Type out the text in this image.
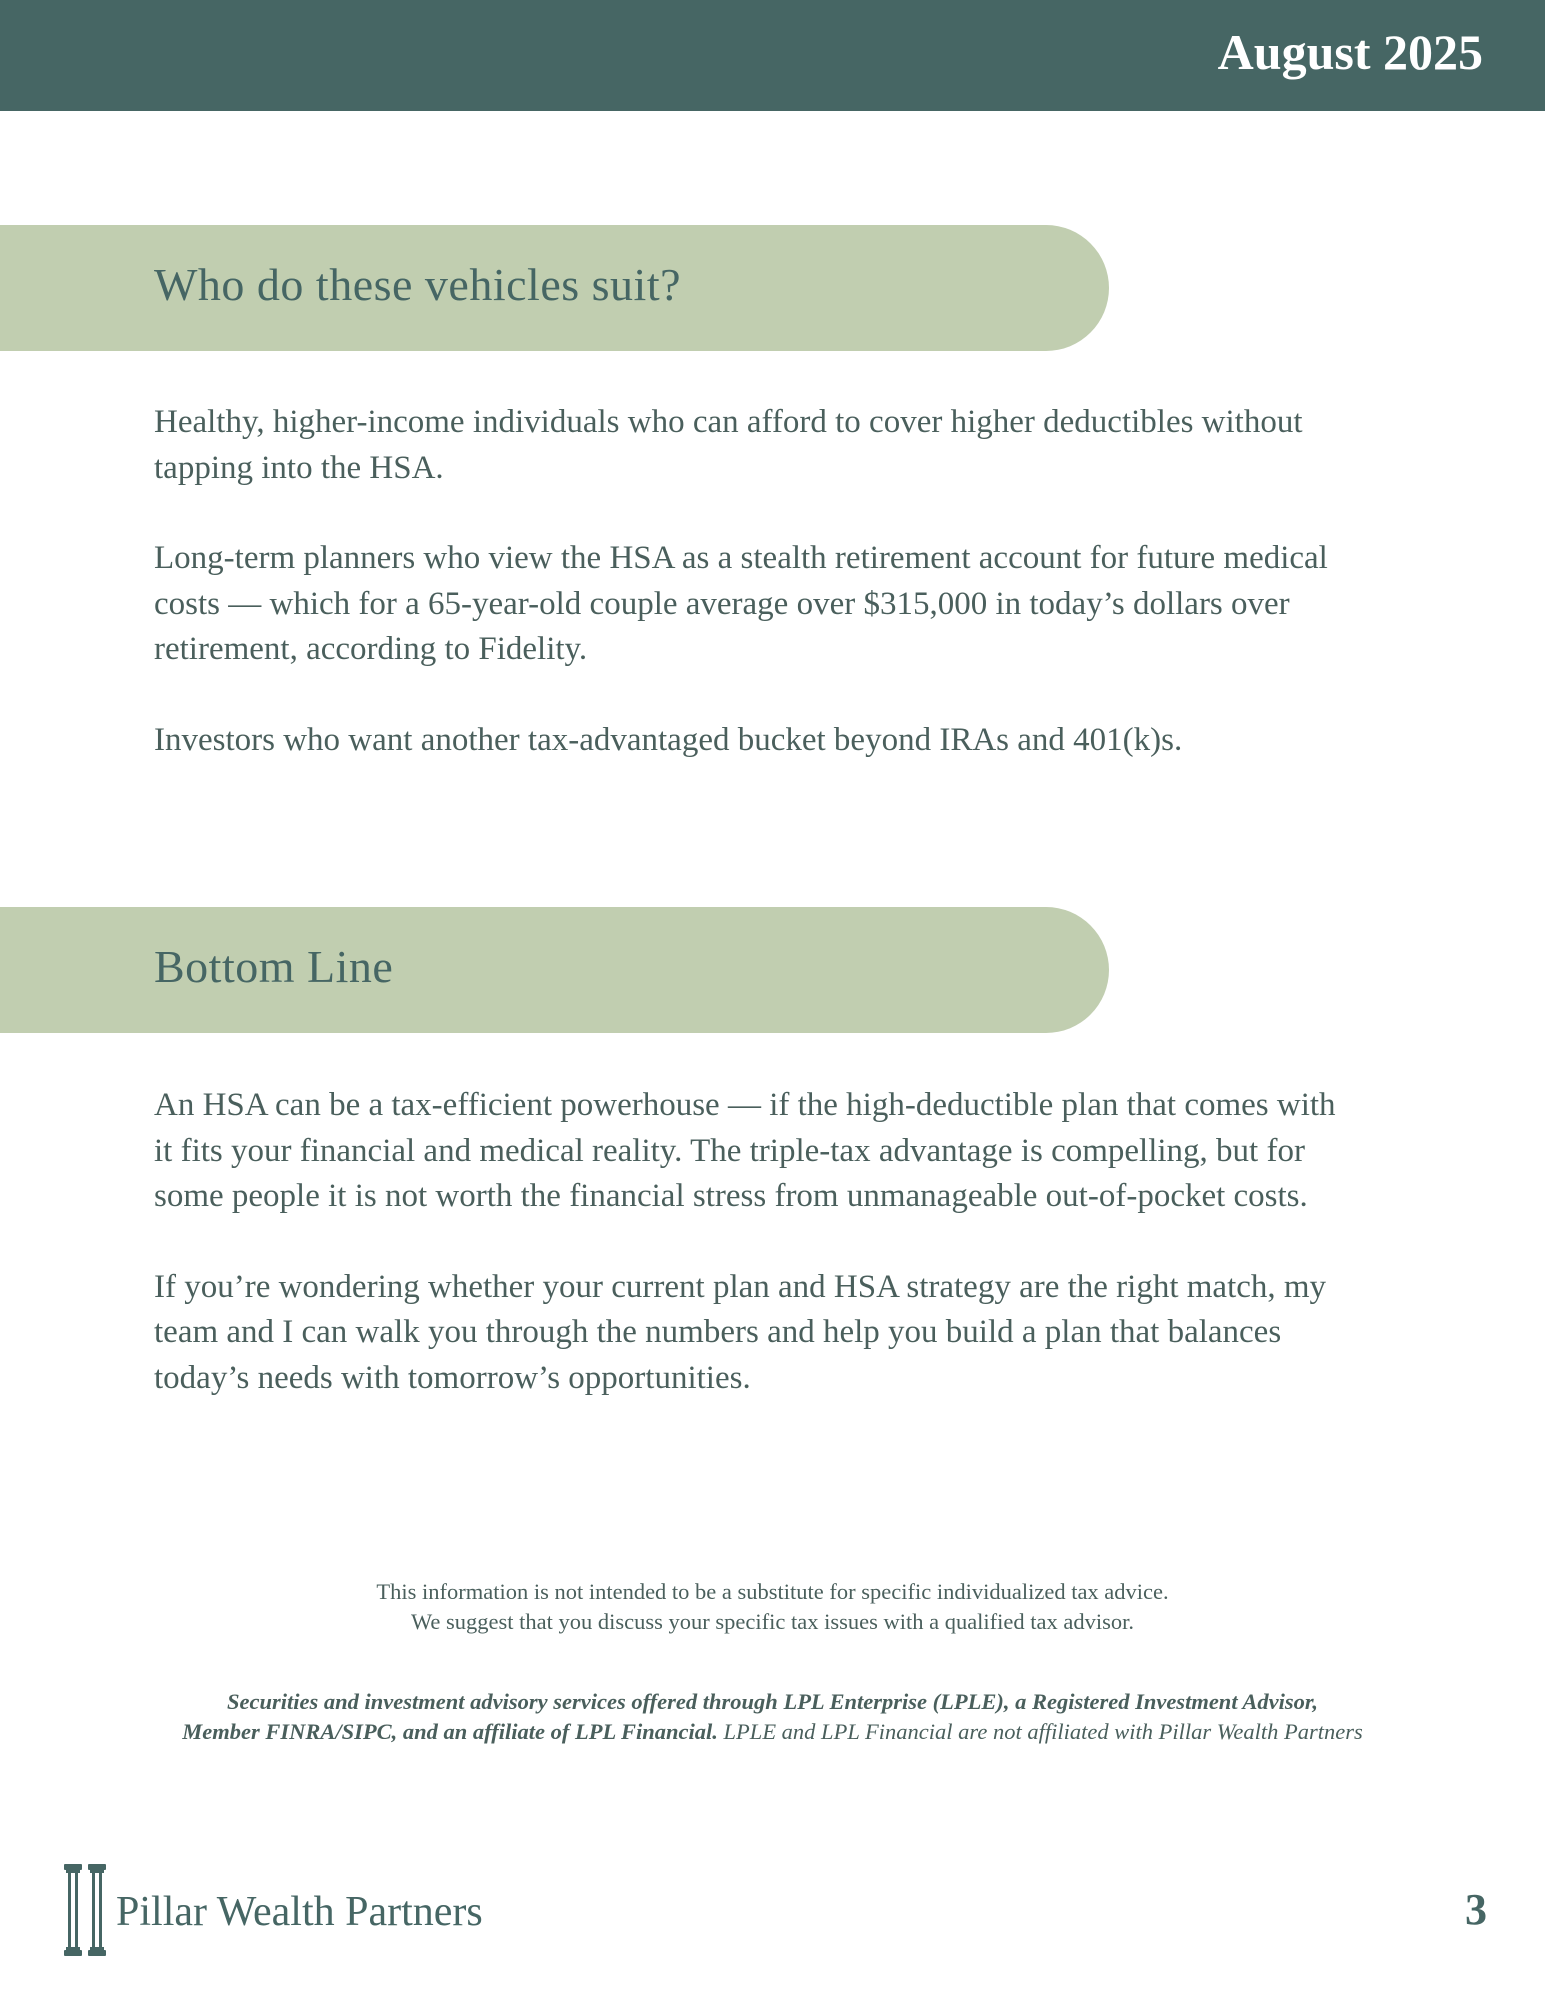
August 2025
Who do these vehicles suit?

Healthy, higher-income individuals who can afford to cover higher deductibles without tapping into the HSA.

Long-term planners who view the HSA as a stealth retirement account for future medical costs — which for a 65-year-old couple average over $315,000 in today’s dollars over retirement, according to Fidelity.

Investors who want another tax-advantaged bucket beyond IRAs and 401(k)s.

Bottom Line

An HSA can be a tax-efficient powerhouse — if the high-deductible plan that comes with it fits your financial and medical reality. The triple-tax advantage is compelling, but for some people it is not worth the financial stress from unmanageable out-of-pocket costs.

If you’re wondering whether your current plan and HSA strategy are the right match, my team and I can walk you through the numbers and help you build a plan that balances today’s needs with tomorrow’s opportunities.

This information is not intended to be a substitute for specific individualized tax advice.
We suggest that you discuss your specific tax issues with a qualified tax advisor.
Securities and investment advisory services offered through LPL Enterprise (LPLE), a Registered Investment Advisor,
Member FINRA/SIPC, and an affiliate of LPL Financial. LPLE and LPL Financial are not affiliated with Pillar Wealth Partners
Pillar Wealth Partners	3
